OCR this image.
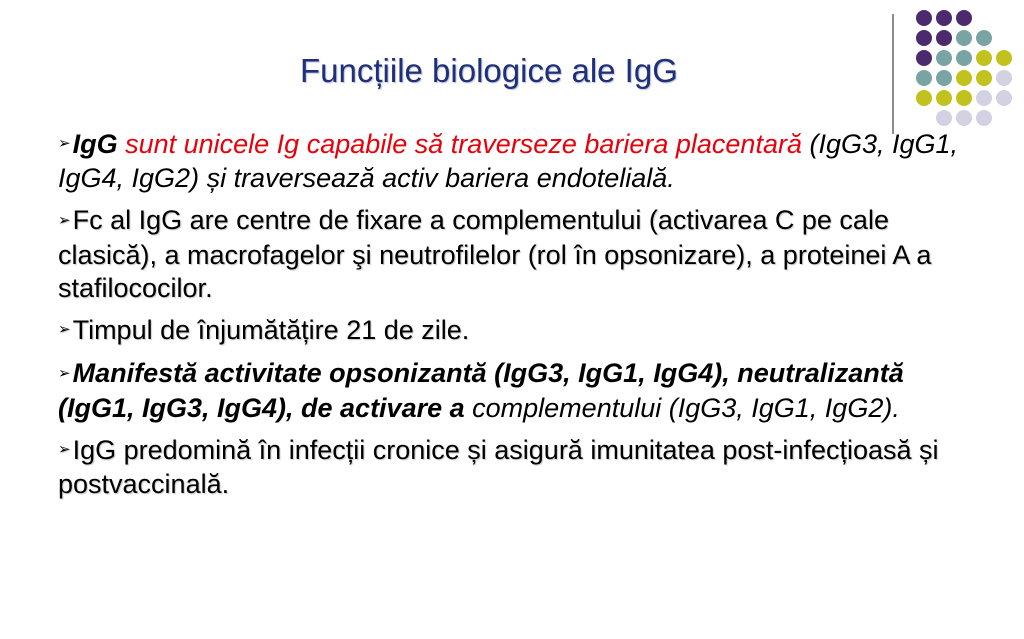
Funcțiile biologice ale IgG
➢IgG sunt unicele Ig capabile să traverseze bariera placentară (IgG3, IgG1, IgG4, IgG2) și traversează activ bariera endotelială.
➢Fc al IgG are centre de fixare a complementului (activarea C pe cale clasică), a macrofagelor şi neutrofilelor (rol în opsonizare), a proteinei A a stafilococilor.
➢Timpul de înjumătățire 21 de zile.
➢Manifestă activitate opsonizantă (IgG3, IgG1, IgG4), neutralizantă (IgG1, IgG3, IgG4), de activare a complementului (IgG3, IgG1, IgG2).
➢IgG predomină în infecții cronice și asigură imunitatea post-infecțioasă și postvaccinală.
